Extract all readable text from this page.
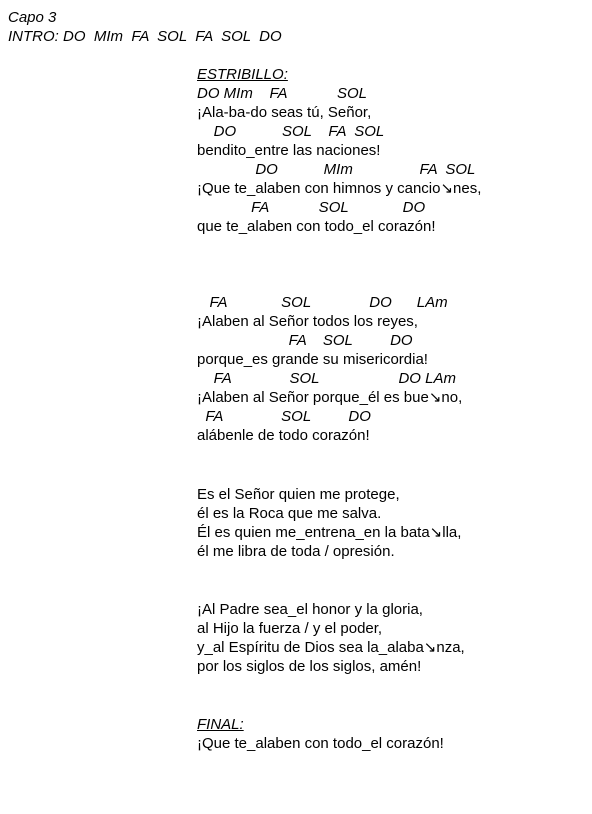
Capo 3
INTRO: DO  MIm  FA  SOL  FA  SOL  DO
ESTRIBILLO:
DO MIm    FA            SOL
¡Ala-ba-do seas tú, Señor,
DO           SOL    FA  SOL
bendito_entre las naciones!
DO           MIm                FA  SOL
¡Que te_alaben con himnos y cancio↘nes,
FA            SOL             DO
que te_alaben con todo_el corazón!
FA             SOL              DO      LAm
¡Alaben al Señor todos los reyes,
FA    SOL         DO
porque_es grande su misericordia!
FA              SOL                   DO LAm
¡Alaben al Señor porque_él es bue↘no,
FA              SOL         DO
alábenle de todo corazón!
Es el Señor quien me protege,
él es la Roca que me salva.
Él es quien me_entrena_en la bata↘lla,
él me libra de toda / opresión.
¡Al Padre sea_el honor y la gloria,
al Hijo la fuerza / y el poder,
y_al Espíritu de Dios sea la_alaba↘nza,
por los siglos de los siglos, amén!
FINAL:
¡Que te_alaben con todo_el corazón!
